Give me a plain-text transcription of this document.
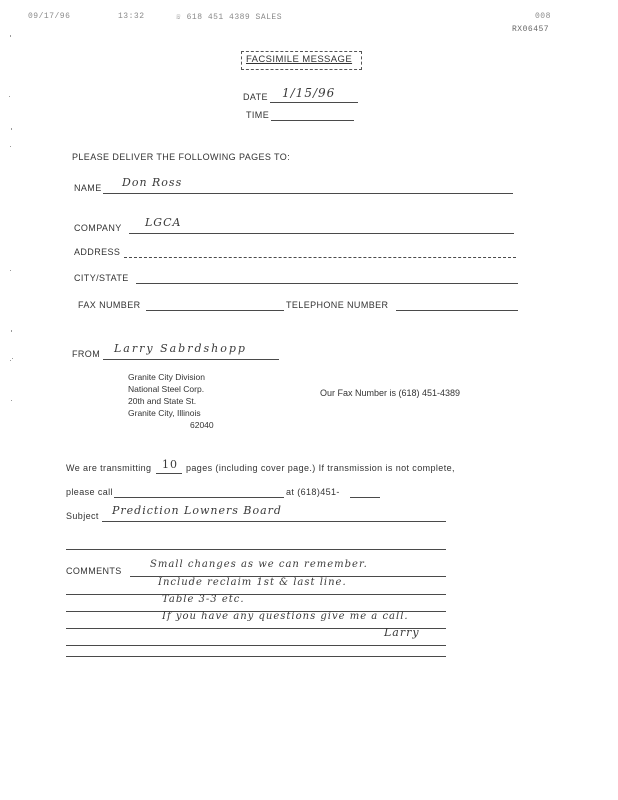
09/17/96	13:32	☏ 618 451 4389 SALES	008
RX06457
FACSIMILE MESSAGE
DATE 1/15/96
TIME
PLEASE DELIVER THE FOLLOWING PAGES TO:
NAME Don Ross
COMPANY LGCA
ADDRESS
CITY/STATE
FAX NUMBER	TELEPHONE NUMBER
FROM Larry Sabrdshopp
Granite City Division
National Steel Corp.
20th and State St.
Granite City, Illinois
62040
Our Fax Number is (618) 451-4389
We are transmitting 10 pages (including cover page.) If transmission is not complete,
please call	at (618)451-
Subject Prediction Lowners Board
COMMENTS
Small changes as we can remember.
Include reclaim 1st & last line.
Table 3-3 etc.
If you have any questions give me a call.
Larry
